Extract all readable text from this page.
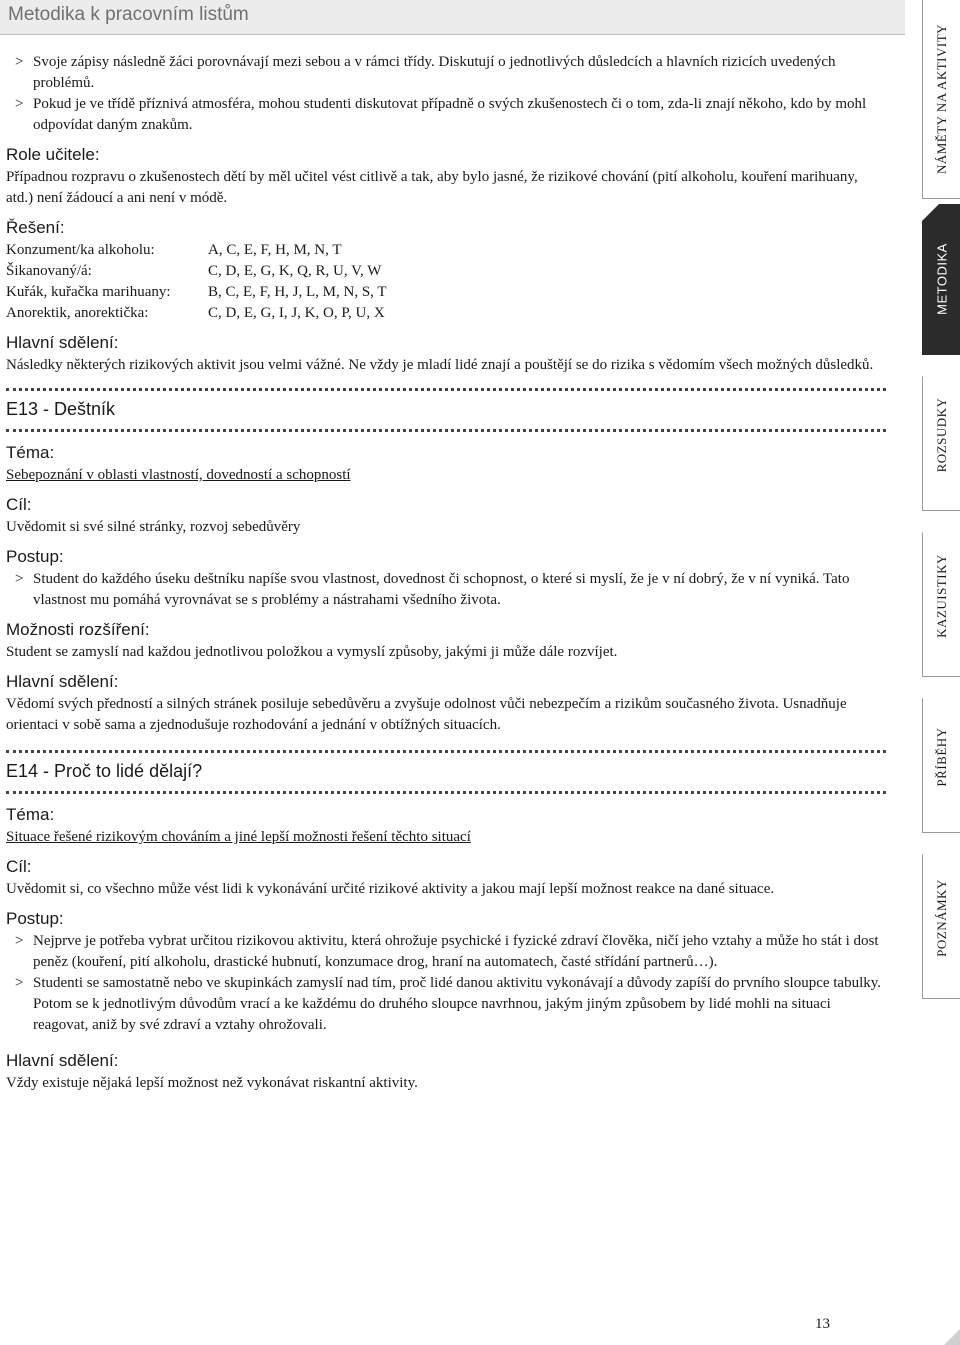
Metodika k pracovním listům
> Svoje zápisy následně žáci porovnávají mezi sebou a v rámci třídy. Diskutují o jednotlivých důsledcích a hlavních rizicích uvedených problémů.
> Pokud je ve třídě příznivá atmosféra, mohou studenti diskutovat případně o svých zkušenostech či o tom, zda-li znají někoho, kdo by mohl odpovídat daným znakům.
Role učitele:

Případnou rozpravu o zkušenostech dětí by měl učitel vést citlivě a tak, aby bylo jasné, že rizikové chování (pití alkoholu, kouření marihuany, atd.) není žádoucí a ani není v módě.

Řešení:
Konzument/ka alkoholu:	A, C, E, F, H, M, N, T
Šikanovaný/á:	C, D, E, G, K, Q, R, U, V, W
Kuřák, kuřačka marihuany:	B, C, E, F, H, J, L, M, N, S, T
Anorektik, anorektička:	C, D, E, G, I, J, K, O, P, U, X
Hlavní sdělení:

Následky některých rizikových aktivit jsou velmi vážné. Ne vždy je mladí lidé znají a pouštějí se do rizika s vědomím všech možných důsledků.

E13 - Deštník
Téma:

Sebepoznání v oblasti vlastností, dovedností a schopností

Cíl:

Uvědomit si své silné stránky, rozvoj sebedůvěry

Postup:
> Student do každého úseku deštníku napíše svou vlastnost, dovednost či schopnost, o které si myslí, že je v ní dobrý, že v ní vyniká. Tato vlastnost mu pomáhá vyrovnávat se s problémy a nástrahami všedního života.
Možnosti rozšíření:

Student se zamyslí nad každou jednotlivou položkou a vymyslí způsoby, jakými ji může dále rozvíjet.

Hlavní sdělení:

Vědomí svých předností a silných stránek posiluje sebedůvěru a zvyšuje odolnost vůči nebezpečím a rizikům současného života. Usnadňuje orientaci v sobě sama a zjednodušuje rozhodování a jednání v obtížných situacích.

E14 - Proč to lidé dělají?
Téma:

Situace řešené rizikovým chováním a jiné lepší možnosti řešení těchto situací

Cíl:

Uvědomit si, co všechno může vést lidi k vykonávání určité rizikové aktivity a jakou mají lepší možnost reakce na dané situace.

Postup:
> Nejprve je potřeba vybrat určitou rizikovou aktivitu, která ohrožuje psychické i fyzické zdraví člověka, ničí jeho vztahy a může ho stát i dost peněz (kouření, pití alkoholu, drastické hubnutí, konzumace drog, hraní na automatech, časté střídání partnerů…).
> Studenti se samostatně nebo ve skupinkách zamyslí nad tím, proč lidé danou aktivitu vykonávají a důvody zapíší do prvního sloupce tabulky. Potom se k jednotlivým důvodům vrací a ke každému do druhého sloupce navrhnou, jakým jiným způsobem by lidé mohli na situaci reagovat, aniž by své zdraví a vztahy ohrožovali.
Hlavní sdělení:

Vždy existuje nějaká lepší možnost než vykonávat riskantní aktivity.

NÁMĚTY NA AKTIVITY
METODIKA
ROZSUDKY
KAZUISTIKY
PŘÍBĚHY
POZNÁMKY
13
